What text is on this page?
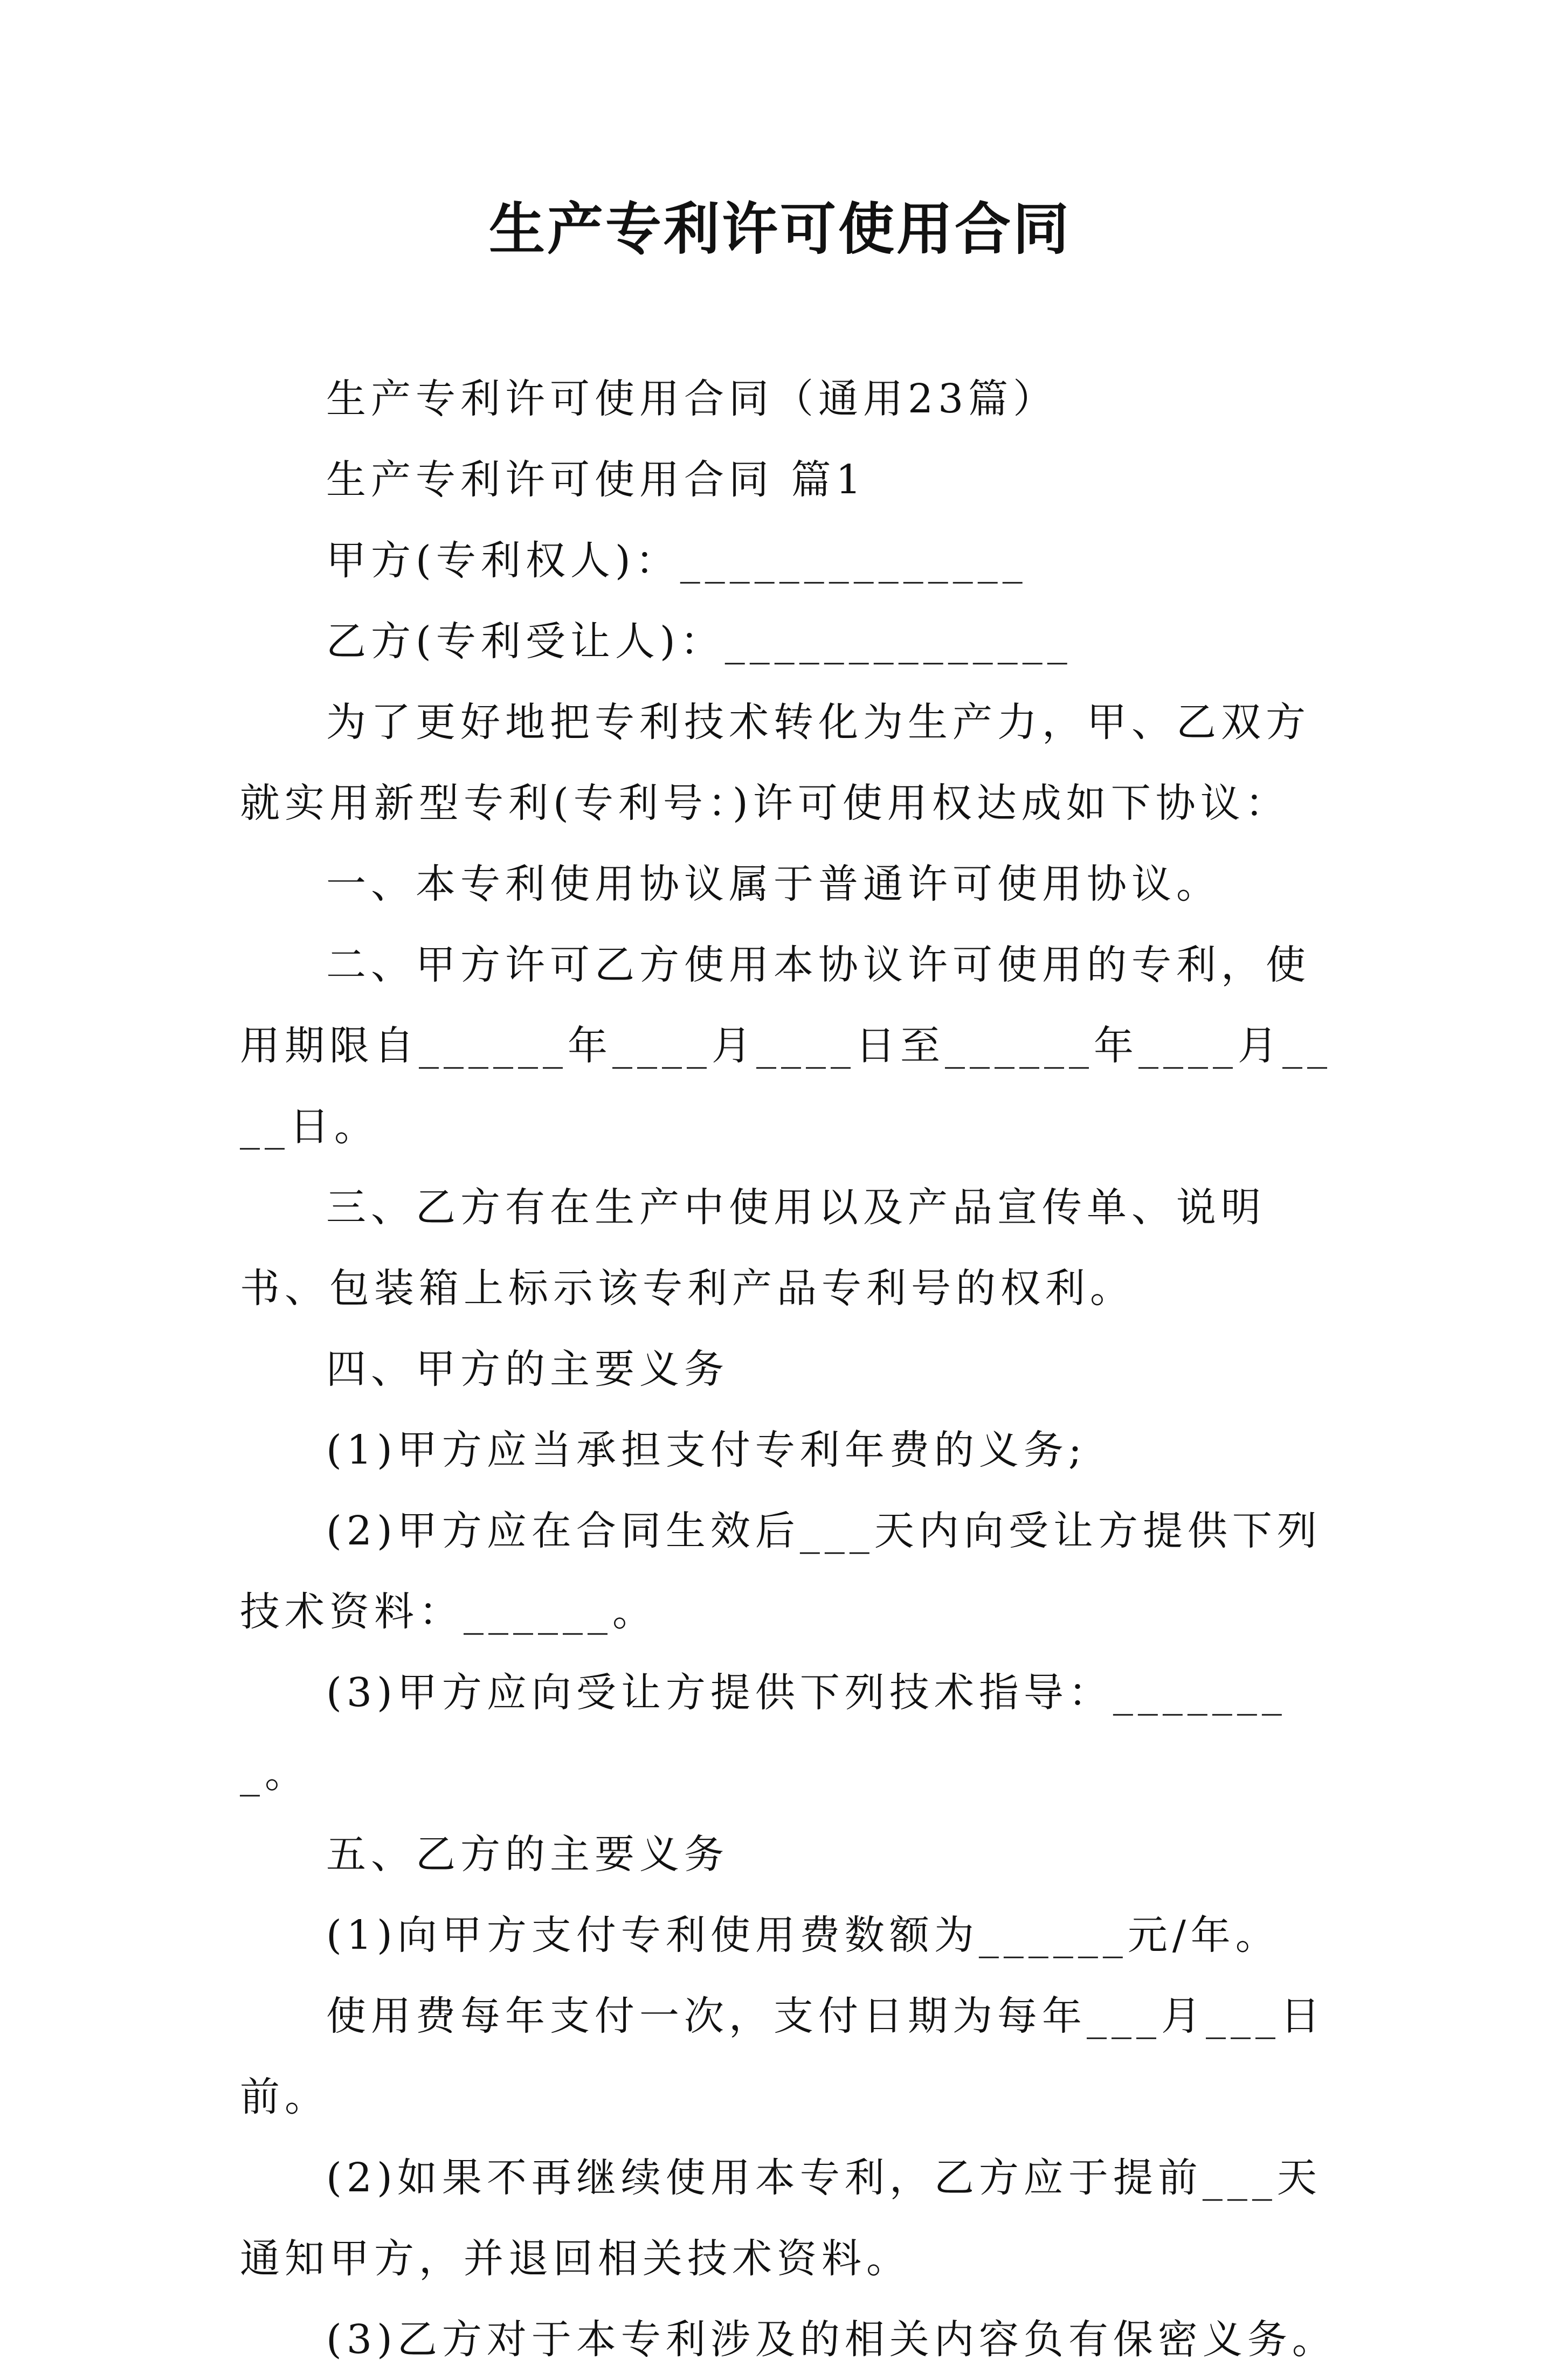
生产专利许可使用合同

生产专利许可使用合同（通用23篇）

生产专利许可使用合同 篇1

甲方(专利权人)：______________

乙方(专利受让人)：______________

为了更好地把专利技术转化为生产力，甲、乙双方就实用新型专利(专利号：)许可使用权达成如下协议：

一、本专利使用协议属于普通许可使用协议。

二、甲方许可乙方使用本协议许可使用的专利，使用期限自______年____月____日至______年____月____日。

三、乙方有在生产中使用以及产品宣传单、说明书、包装箱上标示该专利产品专利号的权利。

四、甲方的主要义务

(1)甲方应当承担支付专利年费的义务;

(2)甲方应在合同生效后___天内向受让方提供下列技术资料：______。

(3)甲方应向受让方提供下列技术指导：________。

五、乙方的主要义务

(1)向甲方支付专利使用费数额为______元/年。

使用费每年支付一次，支付日期为每年___月___日前。

(2)如果不再继续使用本专利，乙方应于提前___天通知甲方，并退回相关技术资料。

(3)乙方对于本专利涉及的相关内容负有保密义务。
